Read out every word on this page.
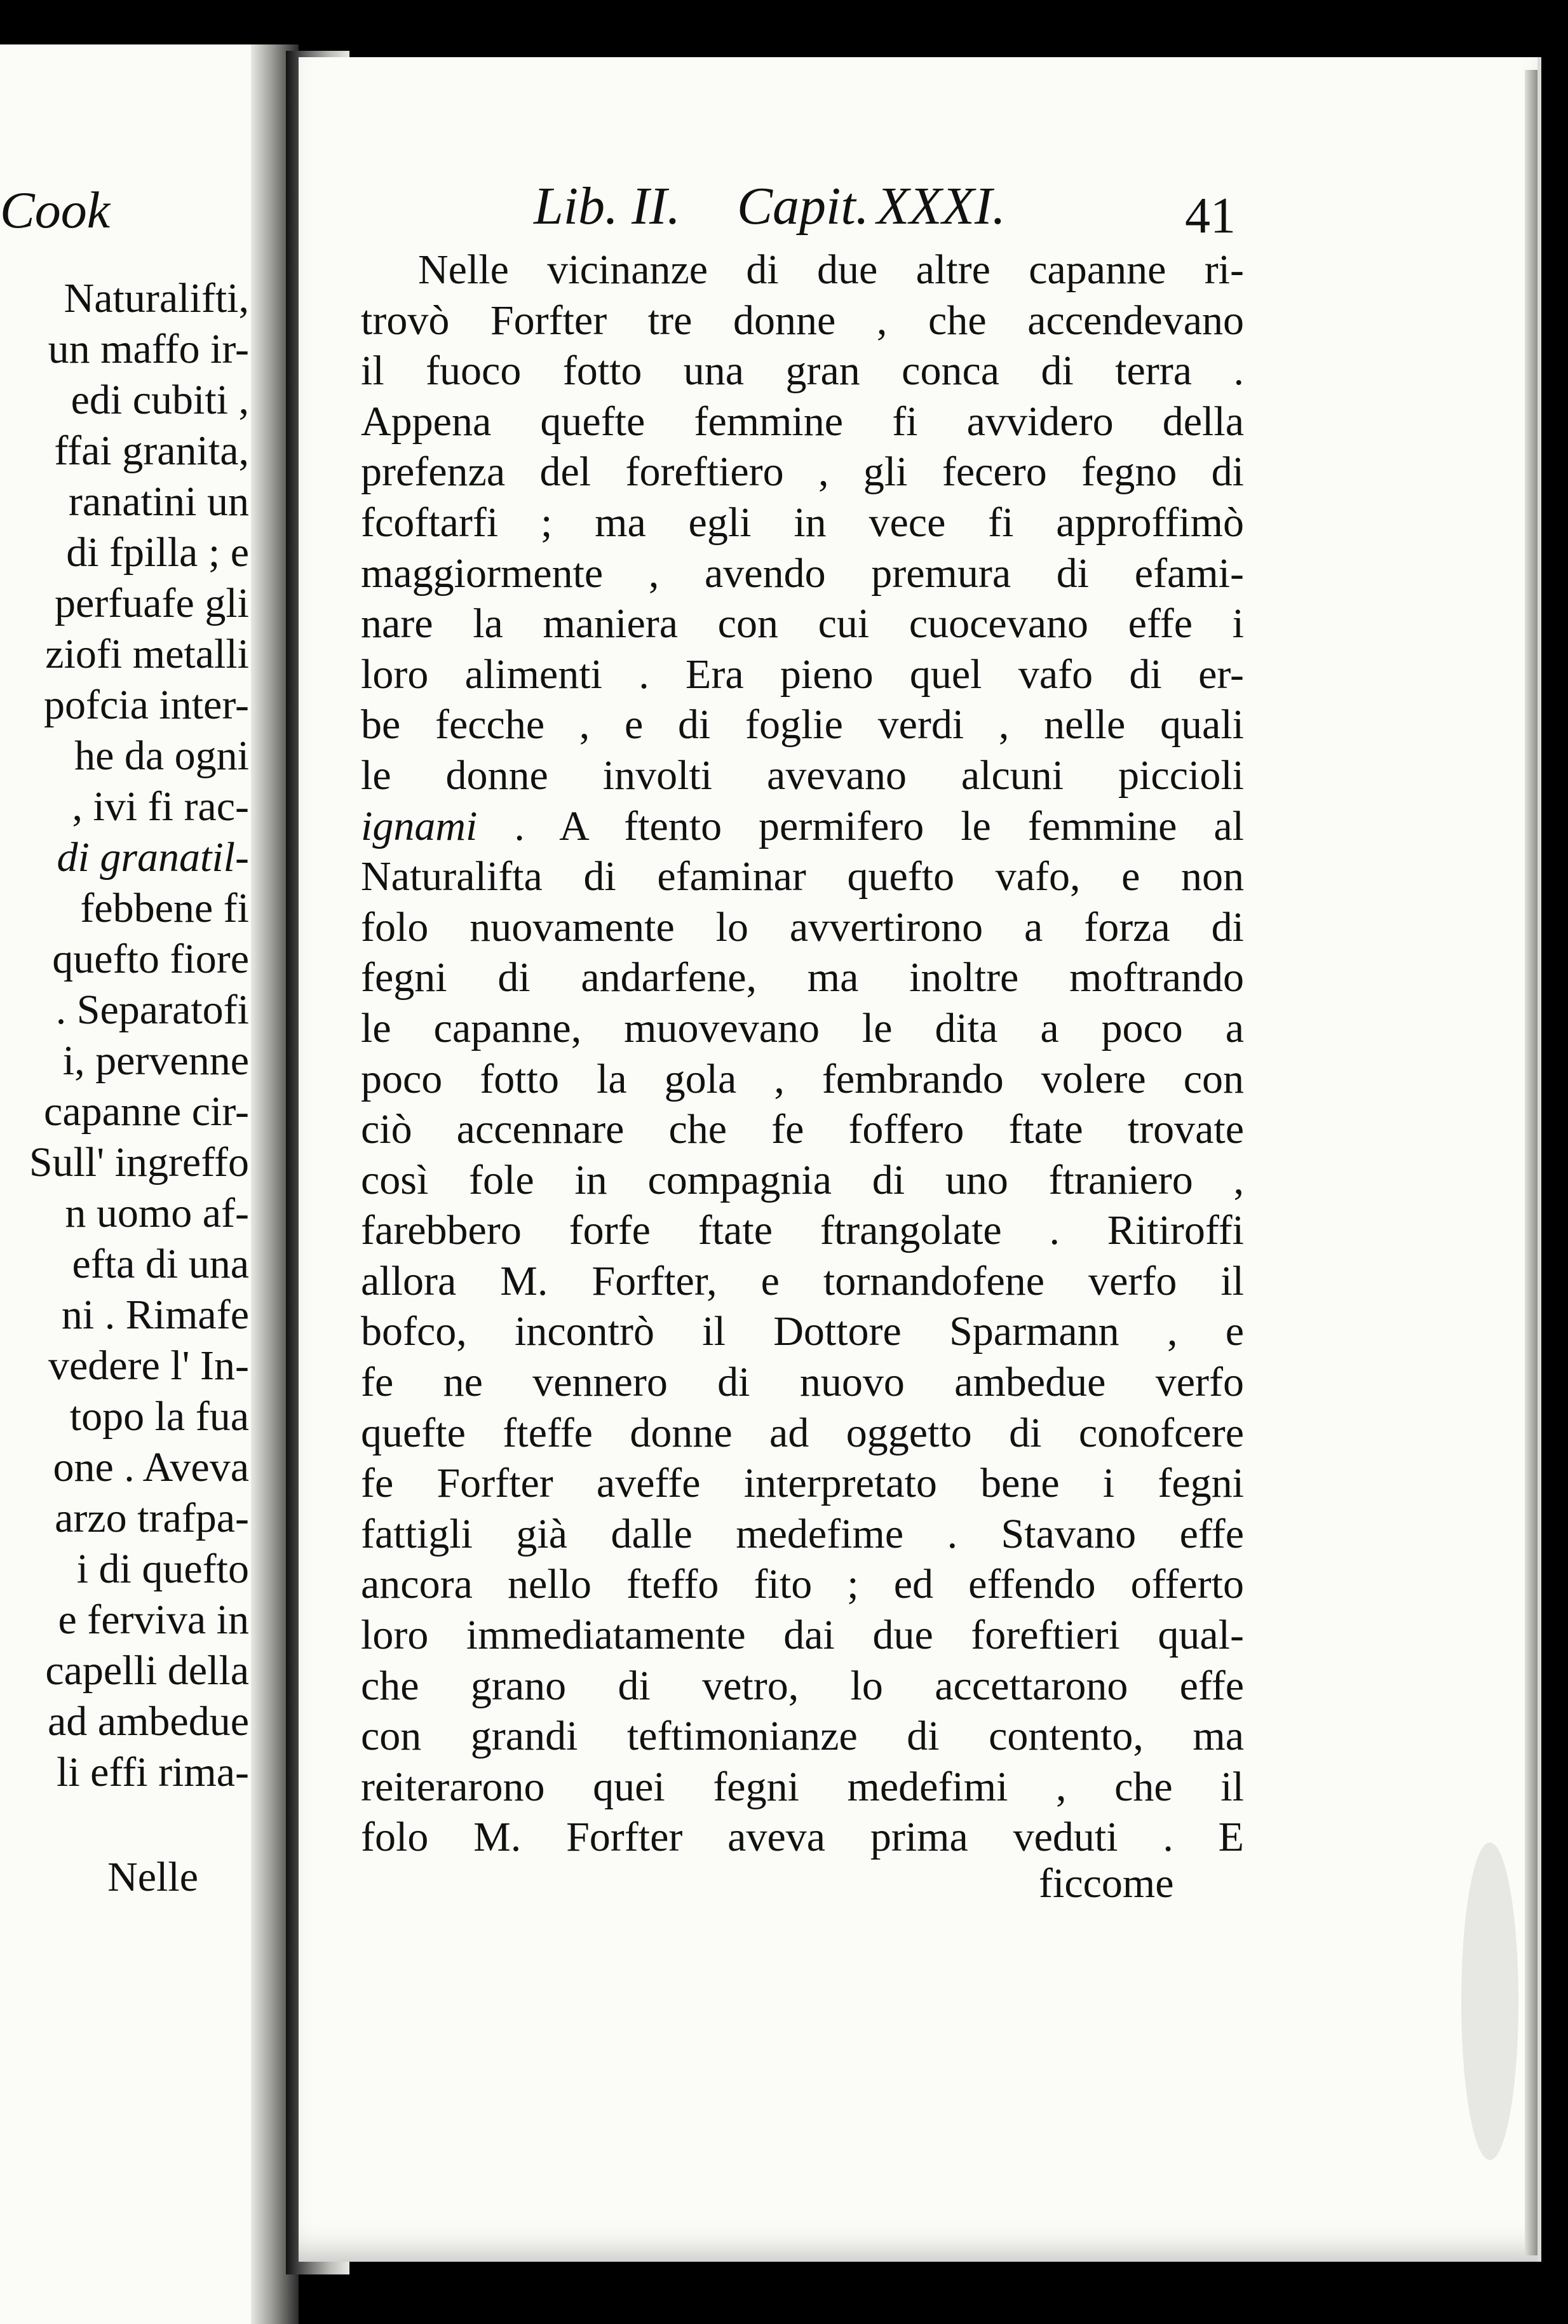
Cook
Naturalifti,
un maffo ir-
edi cubiti ,
ffai granita,
ranatini un
di fpilla ; e
perfuafe gli
ziofi metalli
pofcia inter-
he da ogni
, ivi fi rac-
di granatil-
febbene fi
quefto fiore
. Separatofi
i, pervenne
capanne cir-
Sull' ingreffo
n uomo af-
efta di una
ni . Rimafe
vedere l' In-
topo la fua
one . Aveva
arzo trafpa-
i di quefto
e ferviva in
capelli della
ad ambedue
li effi rima-
Nelle
Lib. II. Capit. XXXI.	41
Nelle vicinanze di due altre capanne ri-
trovò Forfter tre donne , che accendevano
il fuoco fotto una gran conca di terra .
Appena quefte femmine fi avvidero della
prefenza del foreftiero , gli fecero fegno di
fcoftarfi ; ma egli in vece fi approffimò
maggiormente , avendo premura di efami-
nare la maniera con cui cuocevano effe i
loro alimenti . Era pieno quel vafo di er-
be fecche , e di foglie verdi , nelle quali
le donne involti avevano alcuni piccioli
ignami . A ftento permifero le femmine al
Naturalifta di efaminar quefto vafo, e non
folo nuovamente lo avvertirono a forza di
fegni di andarfene, ma inoltre moftrando
le capanne, muovevano le dita a poco a
poco fotto la gola , fembrando volere con
ciò accennare che fe foffero ftate trovate
così fole in compagnia di uno ftraniero ,
farebbero forfe ftate ftrangolate . Ritiroffi
allora M. Forfter, e tornandofene verfo il
bofco, incontrò il Dottore Sparmann , e
fe ne vennero di nuovo ambedue verfo
quefte fteffe donne ad oggetto di conofcere
fe Forfter aveffe interpretato bene i fegni
fattigli già dalle medefime . Stavano effe
ancora nello fteffo fito ; ed effendo offerto
loro immediatamente dai due foreftieri qual-
che grano di vetro, lo accettarono effe
con grandi teftimonianze di contento, ma
reiterarono quei fegni medefimi , che il
folo M. Forfter aveva prima veduti . E
ficcome
